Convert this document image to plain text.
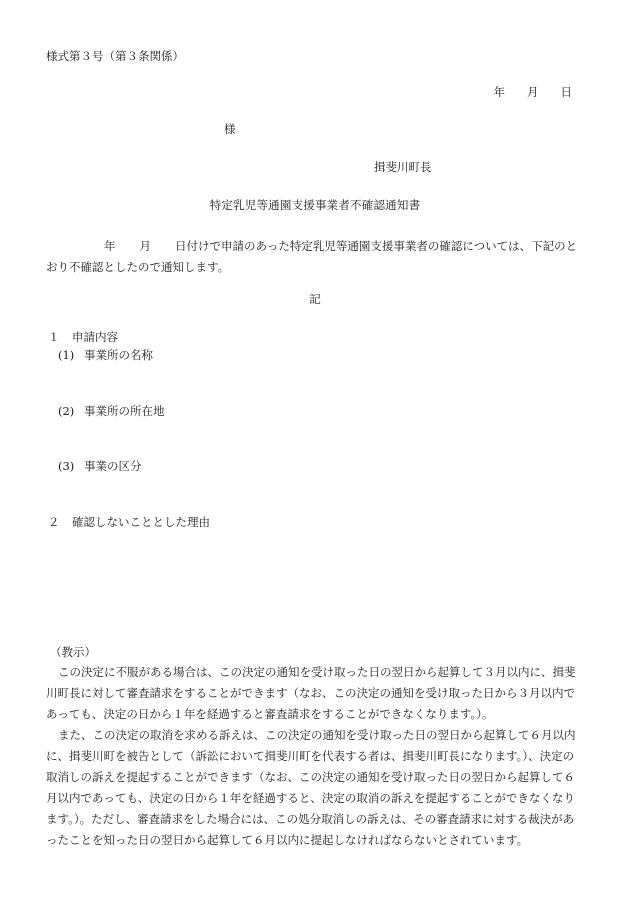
様式第３号（第３条関係）
年 月 日
様
揖斐川町長
特定乳児等通園支援事業者不確認通知書
年 月 日付けで申請のあった特定乳児等通園支援事業者の確認については、下記のとおり不確認としたので通知します。
記
１ 申請内容
(1) 事業所の名称
(2) 事業所の所在地
(3) 事業の区分
２ 確認しないこととした理由
（教示）
この決定に不服がある場合は、この決定の通知を受け取った日の翌日から起算して３月以内に、揖斐川町長に対して審査請求をすることができます（なお、この決定の通知を受け取った日から３月以内であっても、決定の日から１年を経過すると審査請求をすることができなくなります。）。
また、この決定の取消を求める訴えは、この決定の通知を受け取った日の翌日から起算して６月以内に、揖斐川町を被告として（訴訟において揖斐川町を代表する者は、揖斐川町長になります。）、決定の取消しの訴えを提起することができます（なお、この決定の通知を受け取った日の翌日から起算して６月以内であっても、決定の日から１年を経過すると、決定の取消の訴えを提起することができなくなります。）。ただし、審査請求をした場合には、この処分取消しの訴えは、その審査請求に対する裁決があったことを知った日の翌日から起算して６月以内に提起しなければならないとされています。
